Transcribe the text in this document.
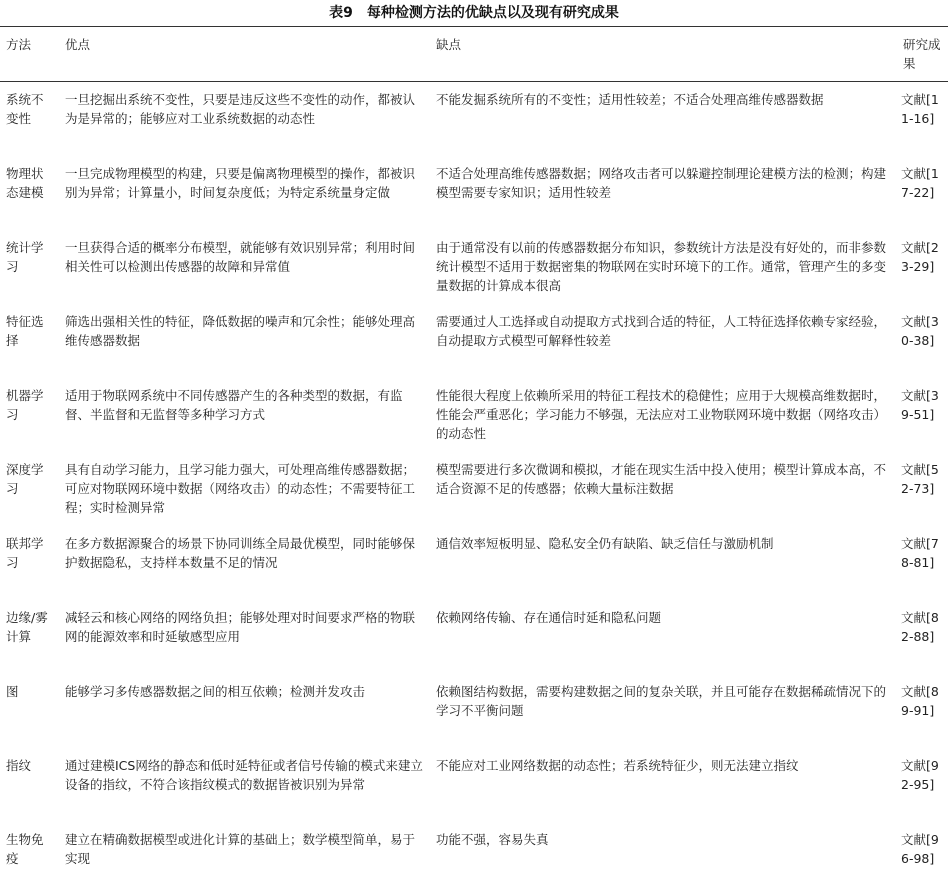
表9　每种检测方法的优缺点以及现有研究成果
方法	优点	缺点	研究成果
系统不变性	一旦挖掘出系统不变性，只要是违反这些不变性的动作，都被认为是异常的；能够应对工业系统数据的动态性	不能发掘系统所有的不变性；适用性较差；不适合处理高维传感器数据	文献[11-16]
物理状态建模	一旦完成物理模型的构建，只要是偏离物理模型的操作，都被识别为异常；计算量小，时间复杂度低；为特定系统量身定做	不适合处理高维传感器数据；网络攻击者可以躲避控制理论建模方法的检测；构建模型需要专家知识；适用性较差	文献[17-22]
统计学习	一旦获得合适的概率分布模型，就能够有效识别异常；利用时间相关性可以检测出传感器的故障和异常值	由于通常没有以前的传感器数据分布知识，参数统计方法是没有好处的，而非参数统计模型不适用于数据密集的物联网在实时环境下的工作。通常，管理产生的多变量数据的计算成本很高	文献[23-29]
特征选择	筛选出强相关性的特征，降低数据的噪声和冗余性；能够处理高维传感器数据	需要通过人工选择或自动提取方式找到合适的特征，人工特征选择依赖专家经验，自动提取方式模型可解释性较差	文献[30-38]
机器学习	适用于物联网系统中不同传感器产生的各种类型的数据，有监督、半监督和无监督等多种学习方式	性能很大程度上依赖所采用的特征工程技术的稳健性；应用于大规模高维数据时，性能会严重恶化；学习能力不够强，无法应对工业物联网环境中数据（网络攻击）的动态性	文献[39-51]
深度学习	具有自动学习能力，且学习能力强大，可处理高维传感器数据；可应对物联网环境中数据（网络攻击）的动态性；不需要特征工程；实时检测异常	模型需要进行多次微调和模拟，才能在现实生活中投入使用；模型计算成本高，不适合资源不足的传感器；依赖大量标注数据	文献[52-73]
联邦学习	在多方数据源聚合的场景下协同训练全局最优模型，同时能够保护数据隐私，支持样本数量不足的情况	通信效率短板明显、隐私安全仍有缺陷、缺乏信任与激励机制	文献[78-81]
边缘/雾计算	减轻云和核心网络的网络负担；能够处理对时间要求严格的物联网的能源效率和时延敏感型应用	依赖网络传输、存在通信时延和隐私问题	文献[82-88]
图	能够学习多传感器数据之间的相互依赖；检测并发攻击	依赖图结构数据，需要构建数据之间的复杂关联，并且可能存在数据稀疏情况下的学习不平衡问题	文献[89-91]
指纹	通过建模ICS网络的静态和低时延特征或者信号传输的模式来建立设备的指纹，不符合该指纹模式的数据皆被识别为异常	不能应对工业网络数据的动态性；若系统特征少，则无法建立指纹	文献[92-95]
生物免疫	建立在精确数据模型或进化计算的基础上；数学模型简单，易于实现	功能不强，容易失真	文献[96-98]
